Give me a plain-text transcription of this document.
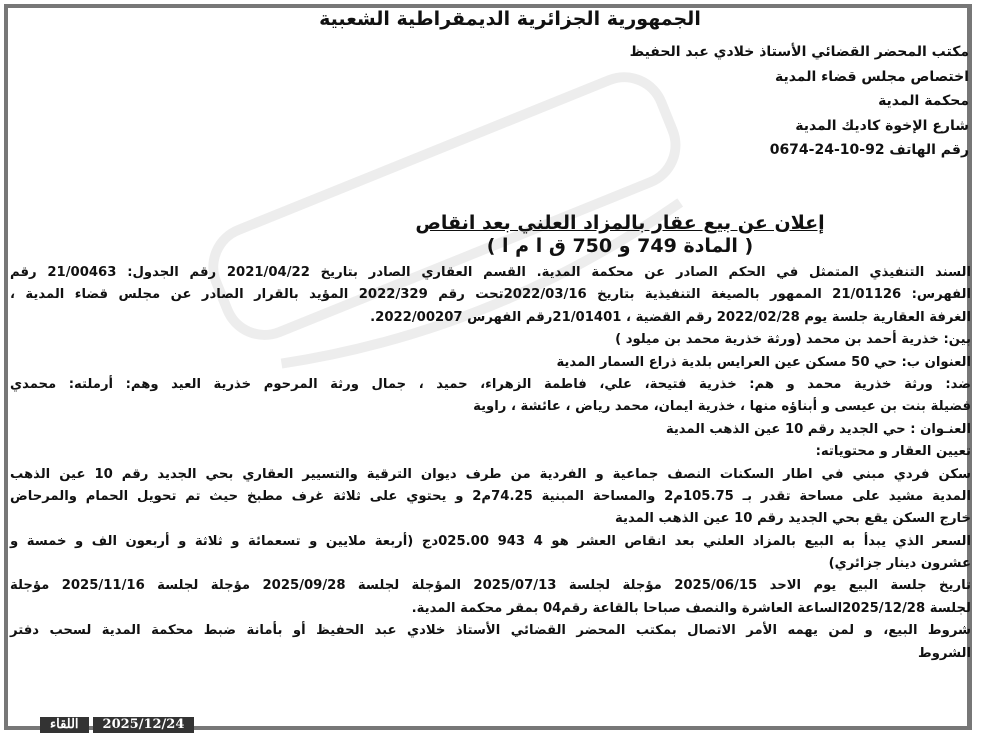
الجمهورية الجزائرية الديمقراطية الشعبية
مكتب المحضر القضائي الأستاذ خلادي عبد الحفيظ
اختصاص مجلس قضاء المدية
محكمة المدية
شارع الإخوة كاديك المدية
رقم الهاتف 92-10-24-0674
إعلان عن بيع عقار بالمزاد العلني بعد انقاص
( المادة 749 و 750 ق ا م ا )
السند التنفيذي المتمثل في الحكم الصادر عن محكمة المدية. القسم العقاري الصادر بتاريخ 2021/04/22 رقم الجدول: 21/00463 رقم
الفهرس: 21/01126 الممهور بالصيغة التنفيذية بتاريخ 2022/03/16تحت رقم 2022/329 المؤيد بالقرار الصادر عن مجلس قضاء المدية ،
الغرفة العقارية جلسة يوم 2022/02/28 رقم القضية ، 21/01401رقم الفهرس 2022/00207.
بين: خذرية أحمد بن محمد (ورثة خذرية محمد بن ميلود )
العنوان ب: حي 50 مسكن عين العرايس بلدية ذراع السمار المدية
ضد: ورثة خذرية محمد و هم: خذرية فتيحة، علي، فاطمة الزهراء، حميد ، جمال ورثة المرحوم خذرية العيد وهم: أرملته: محمدي
فضيلة بنت بن عيسى و أبناؤه منها ، خذرية ايمان، محمد رياض ، عائشة ، راوية
العنـوان : حي الجديد رقم 10 عين الذهب المدية
تعيين العقار و محتوياته:
سكن فردي مبني في اطار السكنات النصف جماعية و الفردية من طرف ديوان الترقية والتسيير العقاري بحي الجديد رقم 10 عين الذهب
المدية مشيد على مساحة تقدر بـ 105.75م2 والمساحة المبنية 74.25م2 و يحتوي على ثلاثة غرف مطبخ حيث تم تحويل الحمام والمرحاض
خارج السكن يقع بحي الجديد رقم 10 عين الذهب المدية
السعر الذي يبدأ به البيع بالمزاد العلني بعد انقاص العشر هو 4 943 025.00دج (أربعة ملايين و تسعمائة و ثلاثة و أربعون الف و خمسة و
عشرون دينار جزائري)
تاريخ جلسة البيع يوم الاحد 2025/06/15 مؤجلة لجلسة 2025/07/13 المؤجلة لجلسة 2025/09/28 مؤجلة لجلسة 2025/11/16 مؤجلة
لجلسة 2025/12/28الساعة العاشرة والنصف صباحا بالقاعة رقم04 بمقر محكمة المدية.
شروط البيع، و لمن يهمه الأمر الاتصال بمكتب المحضر القضائي الأستاذ خلادي عبد الحفيظ أو بأمانة ضبط محكمة المدية لسحب دفتر
الشروط
اللقاء	2025/12/24
